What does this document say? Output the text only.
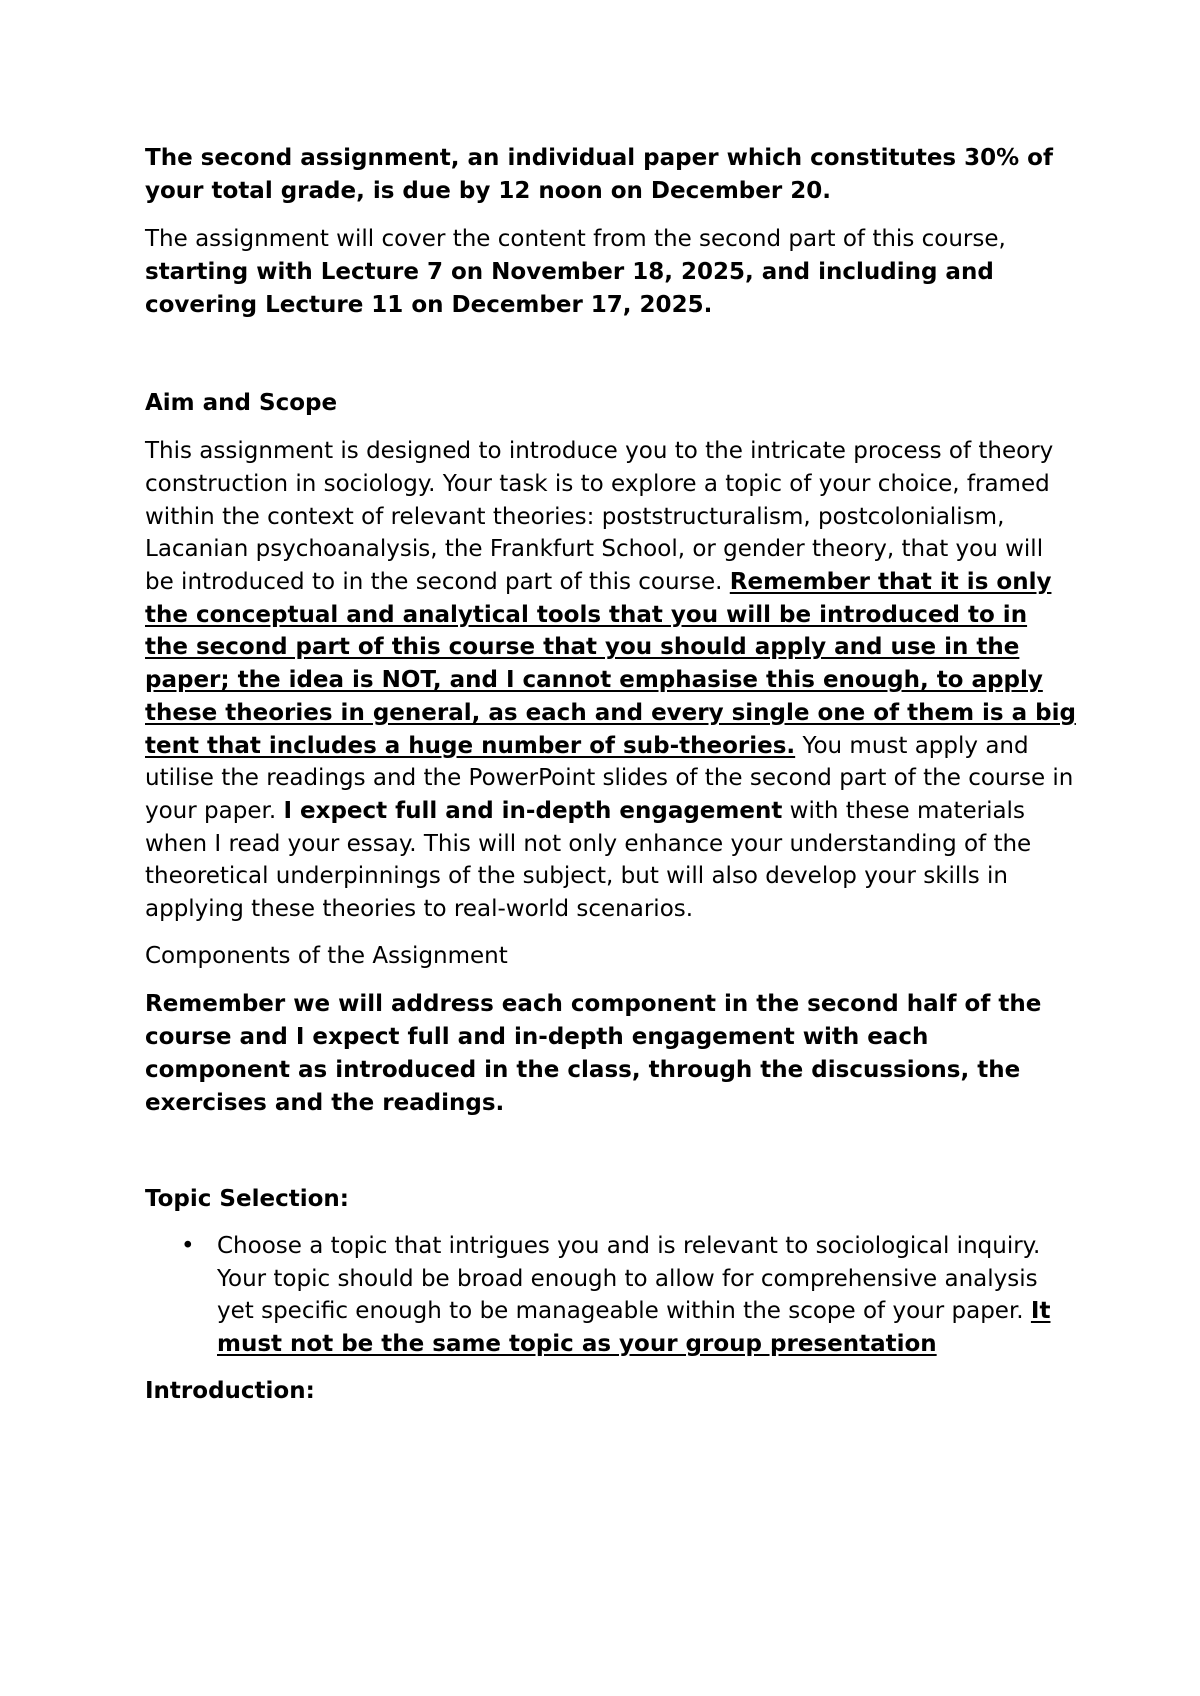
The second assignment, an individual paper which constitutes 30% of your total grade, is due by 12 noon on December 20.

The assignment will cover the content from the second part of this course, starting with Lecture 7 on November 18, 2025, and including and covering Lecture 11 on December 17, 2025.

Aim and Scope

This assignment is designed to introduce you to the intricate process of theory construction in sociology. Your task is to explore a topic of your choice, framed within the context of relevant theories: poststructuralism, postcolonialism, Lacanian psychoanalysis, the Frankfurt School, or gender theory, that you will be introduced to in the second part of this course. Remember that it is only the conceptual and analytical tools that you will be introduced to in the second part of this course that you should apply and use in the paper; the idea is NOT, and I cannot emphasise this enough, to apply these theories in general, as each and every single one of them is a big tent that includes a huge number of sub-theories. You must apply and utilise the readings and the PowerPoint slides of the second part of the course in your paper. I expect full and in-depth engagement with these materials when I read your essay. This will not only enhance your understanding of the theoretical underpinnings of the subject, but will also develop your skills in applying these theories to real-world scenarios.

Components of the Assignment

Remember we will address each component in the second half of the course and I expect full and in-depth engagement with each component as introduced in the class, through the discussions, the exercises and the readings.

Topic Selection:

• Choose a topic that intrigues you and is relevant to sociological inquiry. Your topic should be broad enough to allow for comprehensive analysis yet specific enough to be manageable within the scope of your paper. It must not be the same topic as your group presentation

Introduction:
